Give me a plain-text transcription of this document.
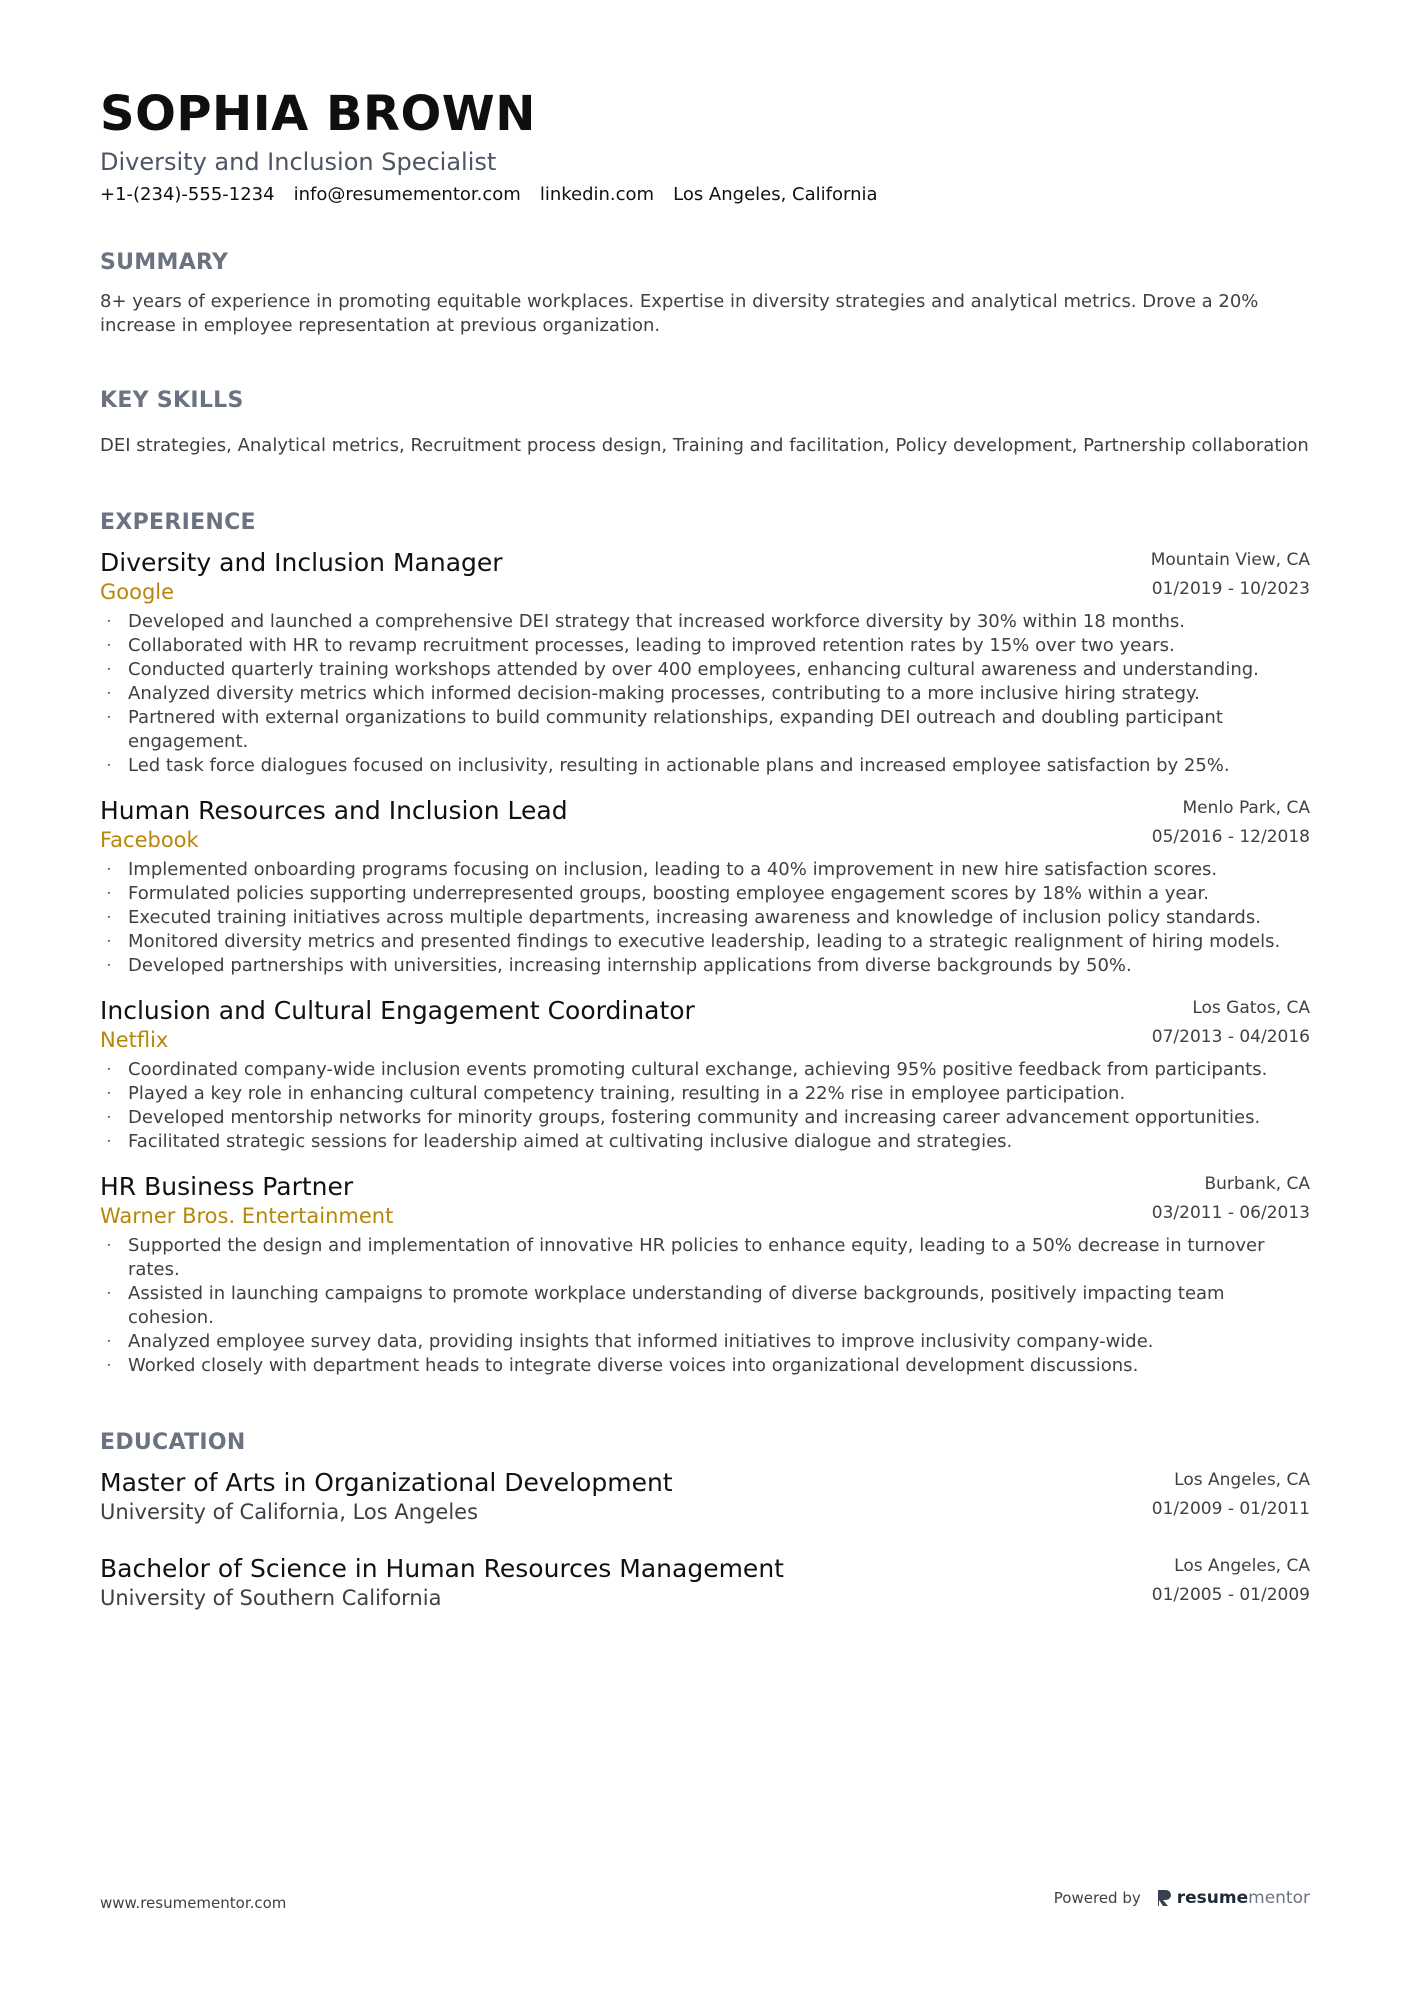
SOPHIA BROWN
Diversity and Inclusion Specialist
+1-(234)-555-1234 info@resumementor.com linkedin.com Los Angeles, California
SUMMARY
8+ years of experience in promoting equitable workplaces. Expertise in diversity strategies and analytical metrics. Drove a 20% increase in employee representation at previous organization.
KEY SKILLS
DEI strategies, Analytical metrics, Recruitment process design, Training and facilitation, Policy development, Partnership collaboration
EXPERIENCE
Diversity and Inclusion Manager
Google
Mountain View, CA
01/2019 - 10/2023
· Developed and launched a comprehensive DEI strategy that increased workforce diversity by 30% within 18 months.
· Collaborated with HR to revamp recruitment processes, leading to improved retention rates by 15% over two years.
· Conducted quarterly training workshops attended by over 400 employees, enhancing cultural awareness and understanding.
· Analyzed diversity metrics which informed decision-making processes, contributing to a more inclusive hiring strategy.
· Partnered with external organizations to build community relationships, expanding DEI outreach and doubling participant engagement.
· Led task force dialogues focused on inclusivity, resulting in actionable plans and increased employee satisfaction by 25%.
Human Resources and Inclusion Lead
Facebook
Menlo Park, CA
05/2016 - 12/2018
· Implemented onboarding programs focusing on inclusion, leading to a 40% improvement in new hire satisfaction scores.
· Formulated policies supporting underrepresented groups, boosting employee engagement scores by 18% within a year.
· Executed training initiatives across multiple departments, increasing awareness and knowledge of inclusion policy standards.
· Monitored diversity metrics and presented findings to executive leadership, leading to a strategic realignment of hiring models.
· Developed partnerships with universities, increasing internship applications from diverse backgrounds by 50%.
Inclusion and Cultural Engagement Coordinator
Netflix
Los Gatos, CA
07/2013 - 04/2016
· Coordinated company-wide inclusion events promoting cultural exchange, achieving 95% positive feedback from participants.
· Played a key role in enhancing cultural competency training, resulting in a 22% rise in employee participation.
· Developed mentorship networks for minority groups, fostering community and increasing career advancement opportunities.
· Facilitated strategic sessions for leadership aimed at cultivating inclusive dialogue and strategies.
HR Business Partner
Warner Bros. Entertainment
Burbank, CA
03/2011 - 06/2013
· Supported the design and implementation of innovative HR policies to enhance equity, leading to a 50% decrease in turnover rates.
· Assisted in launching campaigns to promote workplace understanding of diverse backgrounds, positively impacting team cohesion.
· Analyzed employee survey data, providing insights that informed initiatives to improve inclusivity company-wide.
· Worked closely with department heads to integrate diverse voices into organizational development discussions.
EDUCATION
Master of Arts in Organizational Development
University of California, Los Angeles
Los Angeles, CA
01/2009 - 01/2011
Bachelor of Science in Human Resources Management
University of Southern California
Los Angeles, CA
01/2005 - 01/2009
www.resumementor.com	Powered by resume mentor
